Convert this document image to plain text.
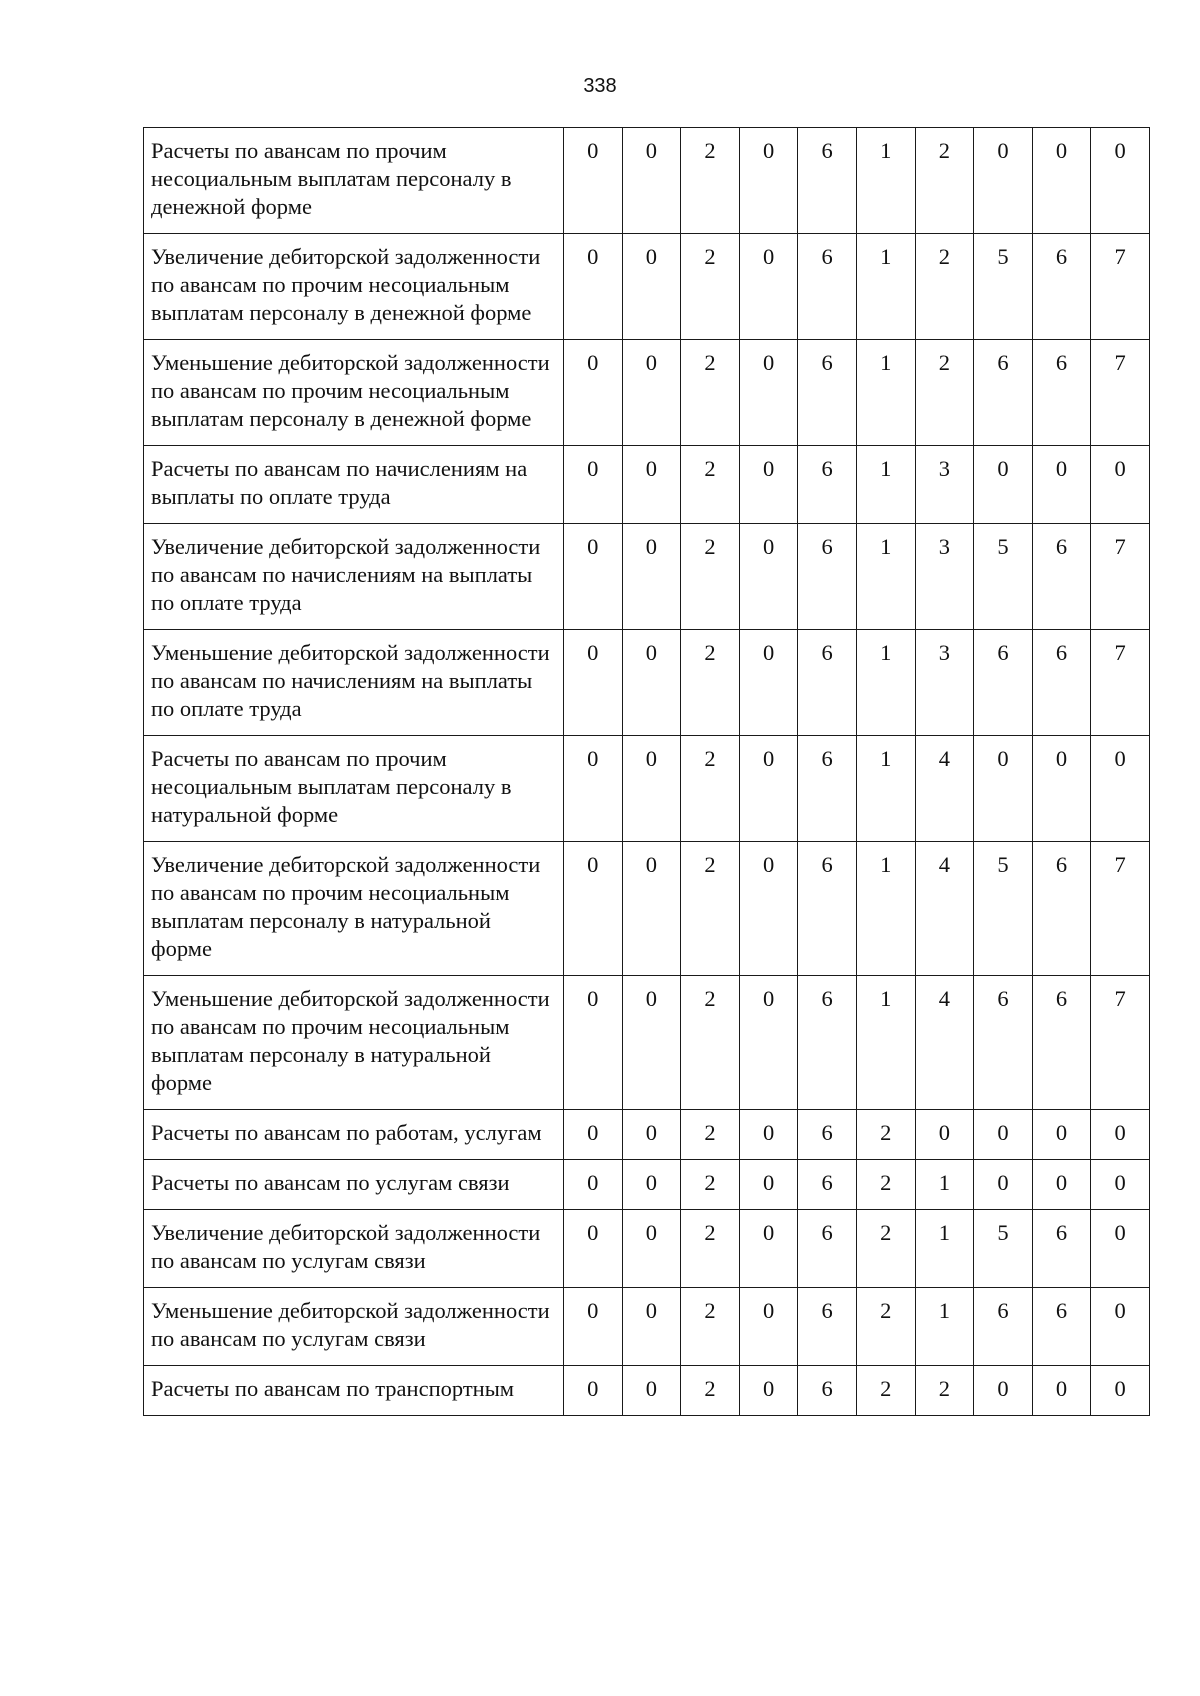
338
Расчеты по авансам по прочим несоциальным выплатам персоналу в денежной форме	0	0	2	0	6	1	2	0	0	0
Увеличение дебиторской задолженности по авансам по прочим несоциальным выплатам персоналу в денежной форме	0	0	2	0	6	1	2	5	6	7
Уменьшение дебиторской задолженности по авансам по прочим несоциальным выплатам персоналу в денежной форме	0	0	2	0	6	1	2	6	6	7
Расчеты по авансам по начислениям на выплаты по оплате труда	0	0	2	0	6	1	3	0	0	0
Увеличение дебиторской задолженности по авансам по начислениям на выплаты по оплате труда	0	0	2	0	6	1	3	5	6	7
Уменьшение дебиторской задолженности по авансам по начислениям на выплаты по оплате труда	0	0	2	0	6	1	3	6	6	7
Расчеты по авансам по прочим несоциальным выплатам персоналу в натуральной форме	0	0	2	0	6	1	4	0	0	0
Увеличение дебиторской задолженности по авансам по прочим несоциальным выплатам персоналу в натуральной форме	0	0	2	0	6	1	4	5	6	7
Уменьшение дебиторской задолженности по авансам по прочим несоциальным выплатам персоналу в натуральной форме	0	0	2	0	6	1	4	6	6	7
Расчеты по авансам по работам, услугам	0	0	2	0	6	2	0	0	0	0
Расчеты по авансам по услугам связи	0	0	2	0	6	2	1	0	0	0
Увеличение дебиторской задолженности по авансам по услугам связи	0	0	2	0	6	2	1	5	6	0
Уменьшение дебиторской задолженности по авансам по услугам связи	0	0	2	0	6	2	1	6	6	0
Расчеты по авансам по транспортным	0	0	2	0	6	2	2	0	0	0
